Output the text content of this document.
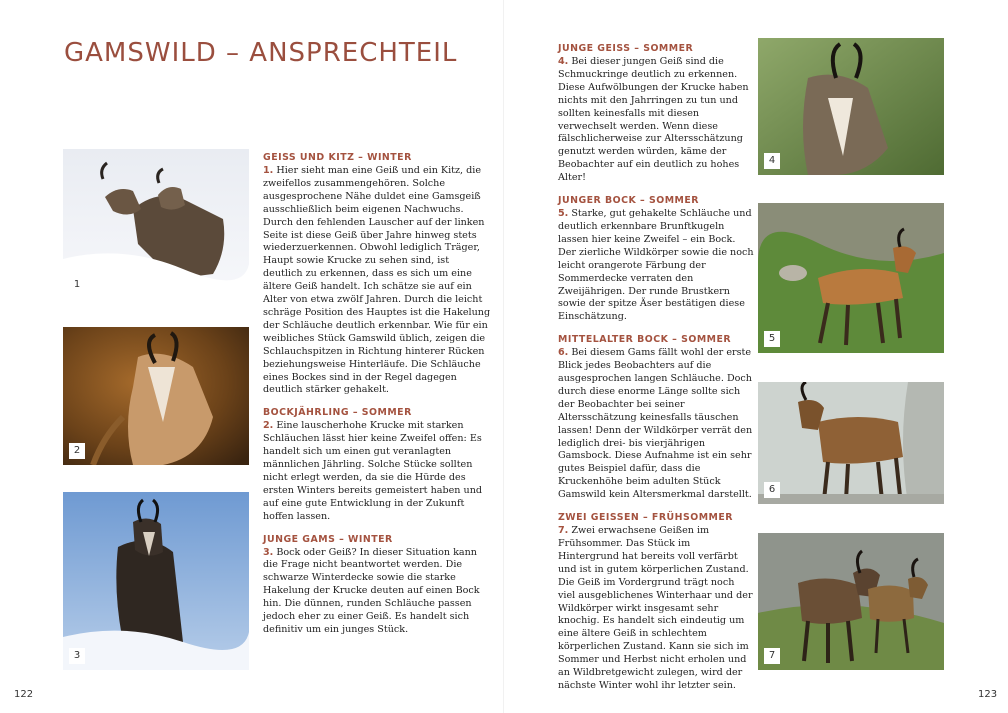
GAMSWILD – ANSPRECHTEIL
1
2
3
GEISS UND KITZ – WINTER
1. Hier sieht man eine Geiß und ein Kitz, die zweifellos zusammengehören. Solche ausgesprochene Nähe duldet eine Gamsgeiß ausschließlich beim eigenen Nachwuchs. Durch den fehlenden Lauscher auf der linken Seite ist diese Geiß über Jahre hinweg stets wiederzuerkennen. Obwohl lediglich Träger, Haupt sowie Krucke zu sehen sind, ist deutlich zu erkennen, dass es sich um eine ältere Geiß handelt. Ich schätze sie auf ein Alter von etwa zwölf Jahren. Durch die leicht schräge Position des Hauptes ist die Hakelung der Schläuche deutlich erkennbar. Wie für ein weibliches Stück Gamswild üblich, zeigen die Schlauchspitzen in Richtung hinterer Rücken beziehungsweise Hinterläufe. Die Schläuche eines Bockes sind in der Regel dagegen deutlich stärker gehakelt.
BOCKJÄHRLING – SOMMER
2. Eine lauscherhohe Krucke mit starken Schläuchen lässt hier keine Zweifel offen: Es handelt sich um einen gut veranlagten männlichen Jährling. Solche Stücke sollten nicht erlegt werden, da sie die Hürde des ersten Winters bereits gemeistert haben und auf eine gute Entwicklung in der Zukunft hoffen lassen.
JUNGE GAMS – WINTER
3. Bock oder Geiß? In dieser Situation kann die Frage nicht beantwortet werden. Die schwarze Winterdecke sowie die starke Hakelung der Krucke deuten auf einen Bock hin. Die dünnen, runden Schläuche passen jedoch eher zu einer Geiß. Es handelt sich definitiv um ein junges Stück.
122
JUNGE GEISS – SOMMER
4. Bei dieser jungen Geiß sind die Schmuckringe deutlich zu erkennen. Diese Aufwölbungen der Krucke haben nichts mit den Jahrringen zu tun und sollten keinesfalls mit diesen verwechselt werden. Wenn diese fälschlicherweise zur Altersschätzung genutzt werden würden, käme der Beobachter auf ein deutlich zu hohes Alter!
JUNGER BOCK – SOMMER
5. Starke, gut gehakelte Schläuche und deutlich erkennbare Brunftkugeln lassen hier keine Zweifel – ein Bock. Der zierliche Wildkörper sowie die noch leicht orangerote Färbung der Sommerdecke verraten den Zweijährigen. Der runde Brustkern sowie der spitze Äser bestätigen diese Einschätzung.
MITTELALTER BOCK – SOMMER
6. Bei diesem Gams fällt wohl der erste Blick jedes Beobachters auf die ausgesprochen langen Schläuche. Doch durch diese enorme Länge sollte sich der Beobachter bei seiner Altersschätzung keinesfalls täuschen lassen! Denn der Wildkörper verrät den lediglich drei- bis vierjährigen Gamsbock. Diese Aufnahme ist ein sehr gutes Beispiel dafür, dass die Kruckenhöhe beim adulten Stück Gamswild kein Altersmerkmal darstellt.
ZWEI GEISSEN – FRÜHSOMMER
7. Zwei erwachsene Geißen im Frühsommer. Das Stück im Hintergrund hat bereits voll verfärbt und ist in gutem körperlichen Zustand. Die Geiß im Vordergrund trägt noch viel ausgeblichenes Winterhaar und der Wildkörper wirkt insgesamt sehr knochig. Es handelt sich eindeutig um eine ältere Geiß in schlechtem körperlichen Zustand. Kann sie sich im Sommer und Herbst nicht erholen und an Wildbretgewicht zulegen, wird der nächste Winter wohl ihr letzter sein.
4
5
6
7
123
